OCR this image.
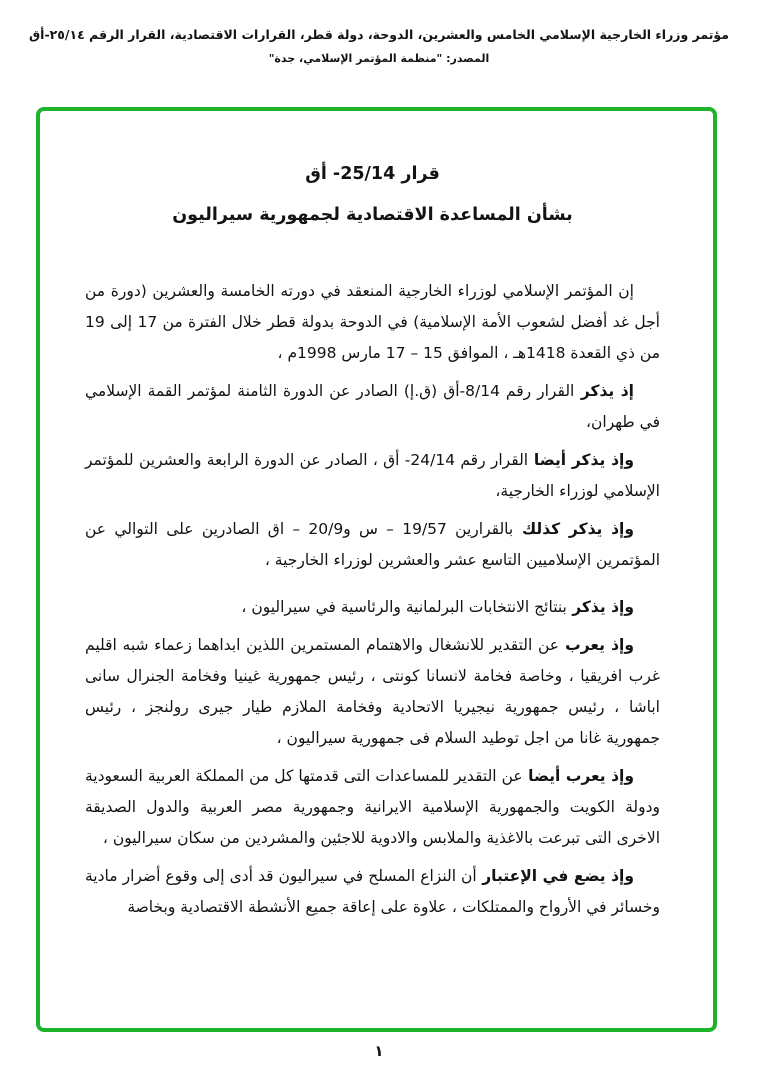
مؤتمر وزراء الخارجية الإسلامي الخامس والعشرين، الدوحة، دولة قطر، القرارات الاقتصادية، القرار الرقم ٢٥/١٤-أق
المصدر: "منظمة المؤتمر الإسلامي، جدة"
قرار 25/14- أق
بشأن المساعدة الاقتصادية لجمهورية سيراليون

إن المؤتمر الإسلامي لوزراء الخارجية المنعقد في دورته الخامسة والعشرين (دورة من أجل غد أفضل لشعوب الأمة الإسلامية) في الدوحة بدولة قطر خلال الفترة من 17 إلى 19 من ذي القعدة 1418هـ ، الموافق 15 – 17 مارس 1998م ،

إذ يذكر القرار رقم 8/14-أق (ق.إ) الصادر عن الدورة الثامنة لمؤتمر القمة الإسلامي في طهران،

وإذ يذكر أيضا القرار رقم 24/14- أق ، الصادر عن الدورة الرابعة والعشرين للمؤتمر الإسلامي لوزراء الخارجية،

وإذ يذكر كذلك بالقرارين 19/57 – س و20/9 – اق الصادرين على التوالي عن المؤتمرين الإسلاميين التاسع عشر والعشرين لوزراء الخارجية ،

وإذ يذكر بنتائج الانتخابات البرلمانية والرئاسية في سيراليون ،

وإذ يعرب عن التقدير للانشغال والاهتمام المستمرين اللذين ابداهما زعماء شبه اقليم غرب افريقيا ، وخاصة فخامة لانسانا كونتى ، رئيس جمهورية غينيا وفخامة الجنرال سانى اباشا ، رئيس جمهورية نيجيريا الاتحادية وفخامة الملازم طيار جيرى رولنجز ، رئيس جمهورية غانا من اجل توطيد السلام فى جمهورية سيراليون ،

وإذ يعرب أيضا عن التقدير للمساعدات التى قدمتها كل من المملكة العربية السعودية ودولة الكويت والجمهورية الإسلامية الايرانية وجمهورية مصر العربية والدول الصديقة الاخرى التى تبرعت بالاغذية والملابس والادوية للاجئين والمشردين من سكان سيراليون ،

وإذ يضع في الإعتبار أن النزاع المسلح في سيراليون قد أدى إلى وقوع أضرار مادية وخسائر في الأرواح والممتلكات ، علاوة على إعاقة جميع الأنشطة الاقتصادية وبخاصة

١
